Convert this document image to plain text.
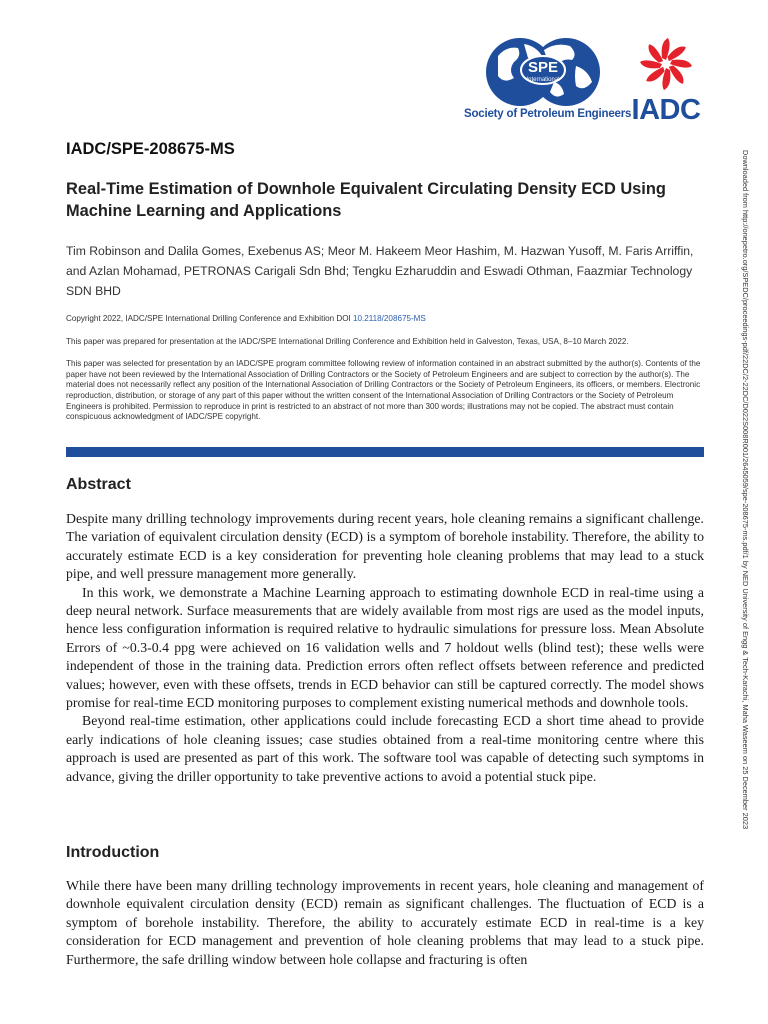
SPE
International
Society of Petroleum Engineers IADC
IADC/SPE-208675-MS
Real-Time Estimation of Downhole Equivalent Circulating Density ECD Using Machine Learning and Applications
Tim Robinson and Dalila Gomes, Exebenus AS; Meor M. Hakeem Meor Hashim, M. Hazwan Yusoff, M. Faris Arriffin, and Azlan Mohamad, PETRONAS Carigali Sdn Bhd; Tengku Ezharuddin and Eswadi Othman, Faazmiar Technology SDN BHD

Copyright 2022, IADC/SPE International Drilling Conference and Exhibition DOI 10.2118/208675-MS

This paper was prepared for presentation at the IADC/SPE International Drilling Conference and Exhibition held in Galveston, Texas, USA, 8–10 March 2022.

This paper was selected for presentation by an IADC/SPE program committee following review of information contained in an abstract submitted by the author(s). Contents of the paper have not been reviewed by the International Association of Drilling Contractors or the Society of Petroleum Engineers and are subject to correction by the author(s). The material does not necessarily reflect any position of the International Association of Drilling Contractors or the Society of Petroleum Engineers, its officers, or members. Electronic reproduction, distribution, or storage of any part of this paper without the written consent of the International Association of Drilling Contractors or the Society of Petroleum Engineers is prohibited. Permission to reproduce in print is restricted to an abstract of not more than 300 words; illustrations may not be copied. The abstract must contain conspicuous acknowledgment of IADC/SPE copyright.

Abstract

Despite many drilling technology improvements during recent years, hole cleaning remains a significant challenge. The variation of equivalent circulation density (ECD) is a symptom of borehole instability. Therefore, the ability to accurately estimate ECD is a key consideration for preventing hole cleaning problems that may lead to a stuck pipe, and well pressure management more generally.

In this work, we demonstrate a Machine Learning approach to estimating downhole ECD in real-time using a deep neural network. Surface measurements that are widely available from most rigs are used as the model inputs, hence less configuration information is required relative to hydraulic simulations for pressure loss. Mean Absolute Errors of ~0.3-0.4 ppg were achieved on 16 validation wells and 7 holdout wells (blind test); these wells were independent of those in the training data. Prediction errors often reflect offsets between reference and predicted values; however, even with these offsets, trends in ECD behavior can still be captured correctly. The model shows promise for real-time ECD monitoring purposes to complement existing numerical methods and downhole tools.

Beyond real-time estimation, other applications could include forecasting ECD a short time ahead to provide early indications of hole cleaning issues; case studies obtained from a real-time monitoring centre where this approach is used are presented as part of this work. The software tool was capable of detecting such symptoms in advance, giving the driller opportunity to take preventive actions to avoid a potential stuck pipe.

Introduction

While there have been many drilling technology improvements in recent years, hole cleaning and management of downhole equivalent circulation density (ECD) remain as significant challenges. The fluctuation of ECD is a symptom of borehole instability. Therefore, the ability to accurately estimate ECD in real-time is a key consideration for ECD management and prevention of hole cleaning problems that may lead to a stuck pipe. Furthermore, the safe drilling window between hole collapse and fracturing is often

Downloaded from http://onepetro.org/SPEDC/proceedings-pdf/22DC/2-22DC/D022S008R001/2645059/spe-208675-ms.pdf/1 by NED University of Engg & Tech-Karachi, Maha Waseem on 25 December 2023
